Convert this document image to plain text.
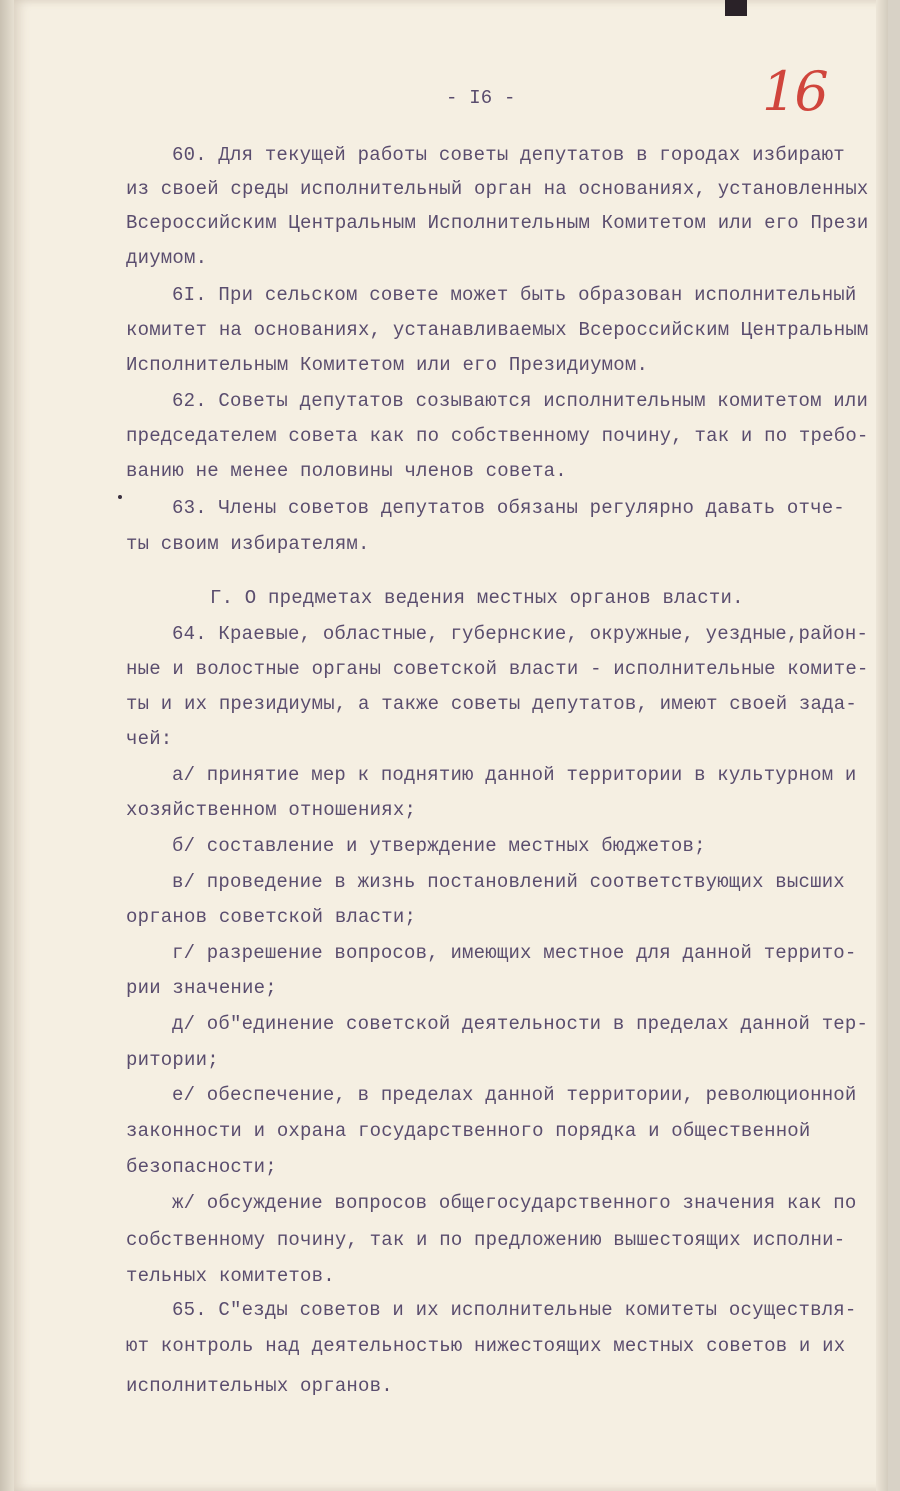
- I6 -	16
60. Для текущей работы советы депутатов в городах избирают
из своей среды исполнительный орган на основаниях, установленных
Всероссийским Центральным Исполнительным Комитетом или его Прези
диумом.
6I. При сельском совете может быть образован исполнительный
комитет на основаниях, устанавливаемых Всероссийским Центральным
Исполнительным Комитетом или его Президиумом.
62. Советы депутатов созываются исполнительным комитетом или
председателем совета как по собственному почину, так и по требо-
ванию не менее половины членов совета.
63. Члены советов депутатов обязаны регулярно давать отче-
ты своим избирателям.
Г. О предметах ведения местных органов власти.
64. Краевые, областные, губернские, окружные, уездные,район-
ные и волостные органы советской власти - исполнительные комите-
ты и их президиумы, а также советы депутатов, имеют своей зада-
чей:
а/ принятие мер к поднятию данной территории в культурном и
хозяйственном отношениях;
б/ составление и утверждение местных бюджетов;
в/ проведение в жизнь постановлений соответствующих высших
органов советской власти;
г/ разрешение вопросов, имеющих местное для данной террито-
рии значение;
д/ об"единение советской деятельности в пределах данной тер-
ритории;
е/ обеспечение, в пределах данной территории, революционной
законности и охрана государственного порядка и общественной
безопасности;
ж/ обсуждение вопросов общегосударственного значения как по
собственному почину, так и по предложению вышестоящих исполни-
тельных комитетов.
65. С"езды советов и их исполнительные комитеты осуществля-
ют контроль над деятельностью нижестоящих местных советов и их
исполнительных органов.
